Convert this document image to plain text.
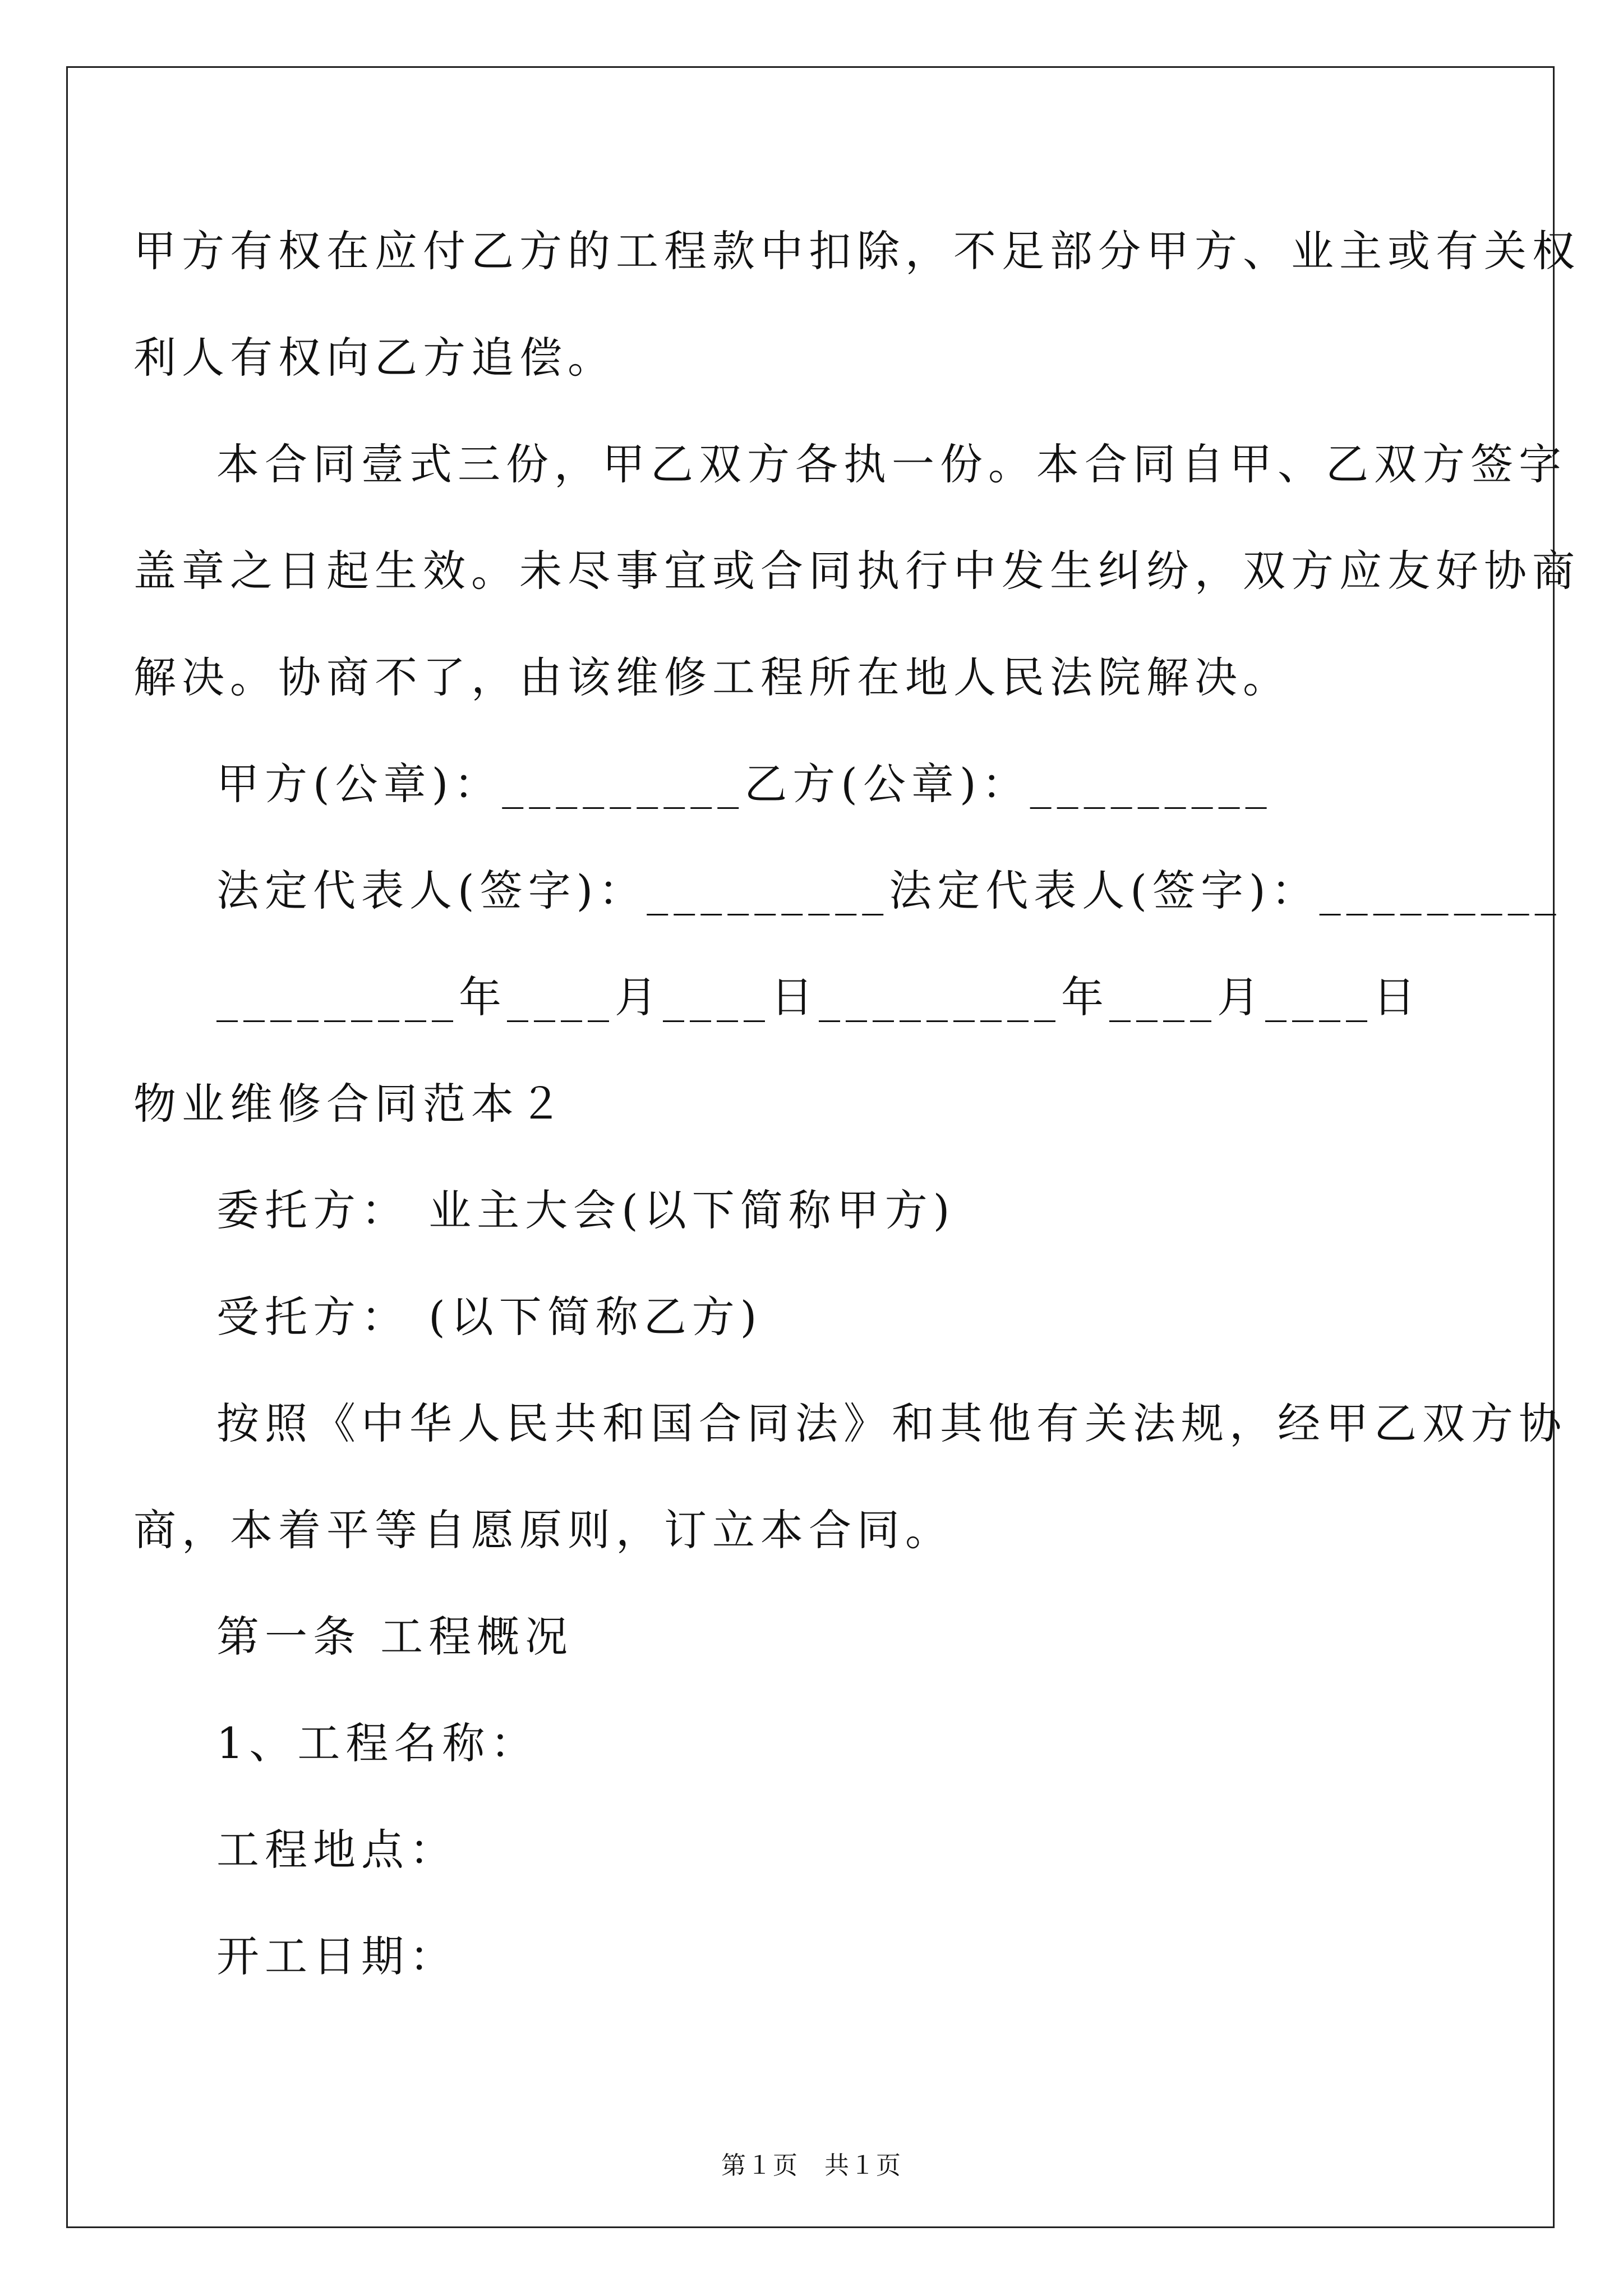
甲方有权在应付乙方的工程款中扣除，不足部分甲方、业主或有关权
利人有权向乙方追偿。
本合同壹式三份，甲乙双方各执一份。本合同自甲、乙双方签字
盖章之日起生效。未尽事宜或合同执行中发生纠纷，双方应友好协商
解决。协商不了，由该维修工程所在地人民法院解决。
甲方(公章)：_________乙方(公章)：_________
法定代表人(签字)：_________法定代表人(签字)：_________
_________年____月____日_________年____月____日
物业维修合同范本２
委托方： 业主大会(以下简称甲方)
受托方： (以下简称乙方)
按照《中华人民共和国合同法》和其他有关法规，经甲乙双方协
商，本着平等自愿原则，订立本合同。
第一条 工程概况
1、工程名称：
工程地点：
开工日期：
第１页　共１页
